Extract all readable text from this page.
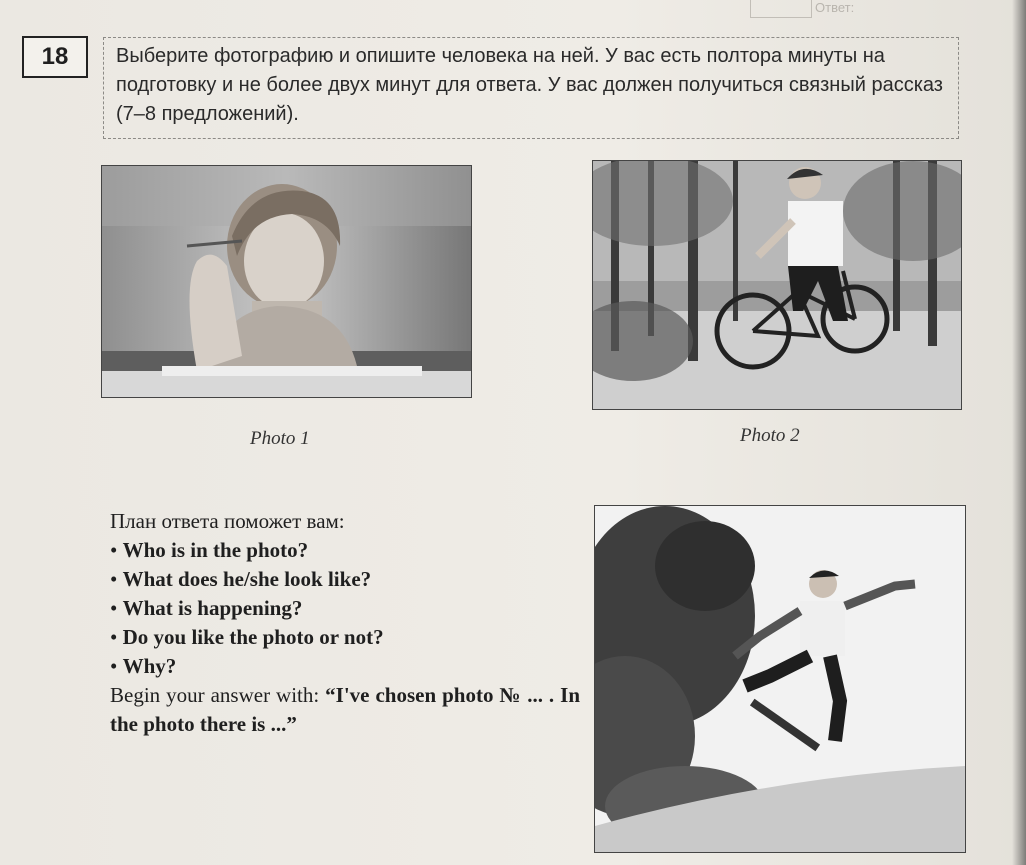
Ответ:
18	Выберите фотографию и опишите человека на ней. У вас есть полтора минуты на подготовку и не более двух минут для ответа. У вас должен получиться связный рассказ (7–8 предложений).
Photo 1	Photo 2
План ответа поможет вам:
• Who is in the photo?
• What does he/she look like?
• What is happening?
• Do you like the photo or not?
• Why?
Begin your answer with: “I've chosen photo № ... . In the photo there is ...”
